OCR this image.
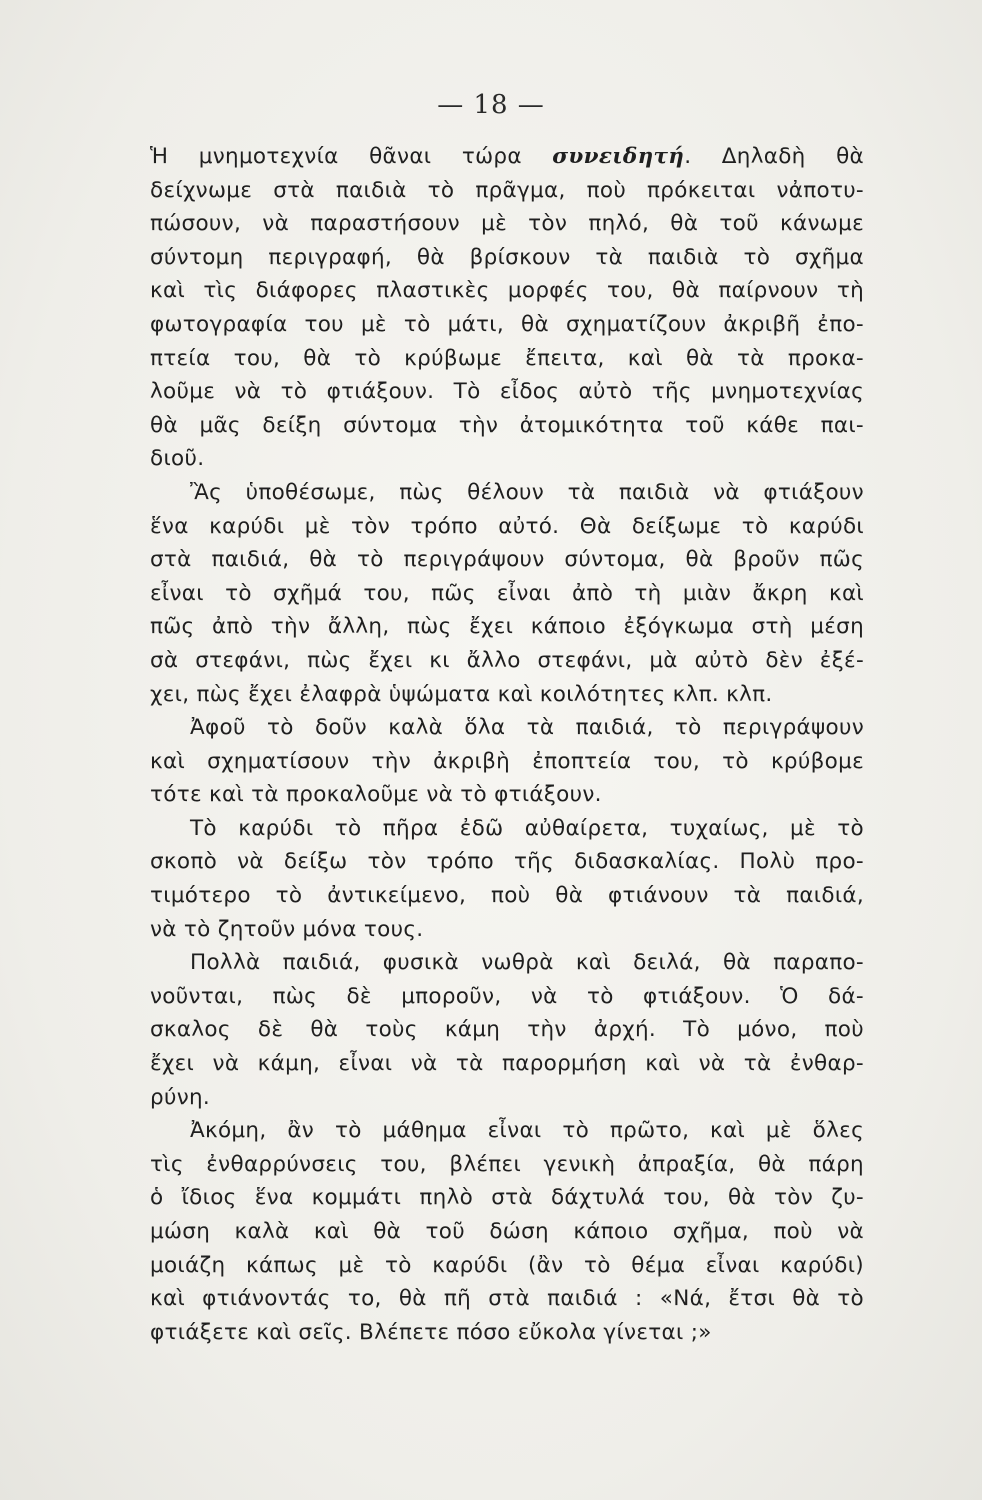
— 18 —
Ἡ μνημοτεχνία θᾶναι τώρα συνειδητή. Δηλαδὴ θὰ
δείχνωμε στὰ παιδιὰ τὸ πρᾶγμα, ποὺ πρόκειται νἀποτυ-
πώσουν, νὰ παραστήσουν μὲ τὸν πηλό, θὰ τοῦ κάνωμε
σύντομη περιγραφή, θὰ βρίσκουν τὰ παιδιὰ τὸ σχῆμα
καὶ τὶς διάφορες πλαστικὲς μορφές του, θὰ παίρνουν τὴ
φωτογραφία του μὲ τὸ μάτι, θὰ σχηματίζουν ἀκριβῆ ἐπο-
πτεία του, θὰ τὸ κρύβωμε ἔπειτα, καὶ θὰ τὰ προκα-
λοῦμε νὰ τὸ φτιάξουν. Τὸ εἶδος αὐτὸ τῆς μνημοτεχνίας
θὰ μᾶς δείξη σύντομα τὴν ἀτομικότητα τοῦ κάθε παι-
διοῦ.
Ἂς ὑποθέσωμε, πὼς θέλουν τὰ παιδιὰ νὰ φτιάξουν
ἕνα καρύδι μὲ τὸν τρόπο αὐτό. Θὰ δείξωμε τὸ καρύδι
στὰ παιδιά, θὰ τὸ περιγράψουν σύντομα, θὰ βροῦν πῶς
εἶναι τὸ σχῆμά του, πῶς εἶναι ἀπὸ τὴ μιὰν ἄκρη καὶ
πῶς ἀπὸ τὴν ἄλλη, πὼς ἔχει κάποιο ἐξόγκωμα στὴ μέση
σὰ στεφάνι, πὼς ἔχει κι ἄλλο στεφάνι, μὰ αὐτὸ δὲν ἐξέ-
χει, πὼς ἔχει ἐλαφρὰ ὑψώματα καὶ κοιλότητες κλπ. κλπ.
Ἀφοῦ τὸ δοῦν καλὰ ὅλα τὰ παιδιά, τὸ περιγράψουν
καὶ σχηματίσουν τὴν ἀκριβὴ ἐποπτεία του, τὸ κρύβομε
τότε καὶ τὰ προκαλοῦμε νὰ τὸ φτιάξουν.
Τὸ καρύδι τὸ πῆρα ἐδῶ αὐθαίρετα, τυχαίως, μὲ τὸ
σκοπὸ νὰ δείξω τὸν τρόπο τῆς διδασκαλίας. Πολὺ προ-
τιμότερο τὸ ἀντικείμενο, ποὺ θὰ φτιάνουν τὰ παιδιά,
νὰ τὸ ζητοῦν μόνα τους.
Πολλὰ παιδιά, φυσικὰ νωθρὰ καὶ δειλά, θὰ παραπο-
νοῦνται, πὼς δὲ μποροῦν, νὰ τὸ φτιάξουν. Ὁ δά-
σκαλος δὲ θὰ τοὺς κάμη τὴν ἀρχή. Τὸ μόνο, ποὺ
ἔχει νὰ κάμη, εἶναι νὰ τὰ παρορμήση καὶ νὰ τὰ ἐνθαρ-
ρύνη.
Ἀκόμη, ἂν τὸ μάθημα εἶναι τὸ πρῶτο, καὶ μὲ ὅλες
τὶς ἐνθαρρύνσεις του, βλέπει γενικὴ ἀπραξία, θὰ πάρη
ὁ ἴδιος ἕνα κομμάτι πηλὸ στὰ δάχτυλά του, θὰ τὸν ζυ-
μώση καλὰ καὶ θὰ τοῦ δώση κάποιο σχῆμα, ποὺ νὰ
μοιάζη κάπως μὲ τὸ καρύδι (ἂν τὸ θέμα εἶναι καρύδι)
καὶ φτιάνοντάς το, θὰ πῆ στὰ παιδιά : «Νά, ἔτσι θὰ τὸ
φτιάξετε καὶ σεῖς. Βλέπετε πόσο εὔκολα γίνεται ;»
